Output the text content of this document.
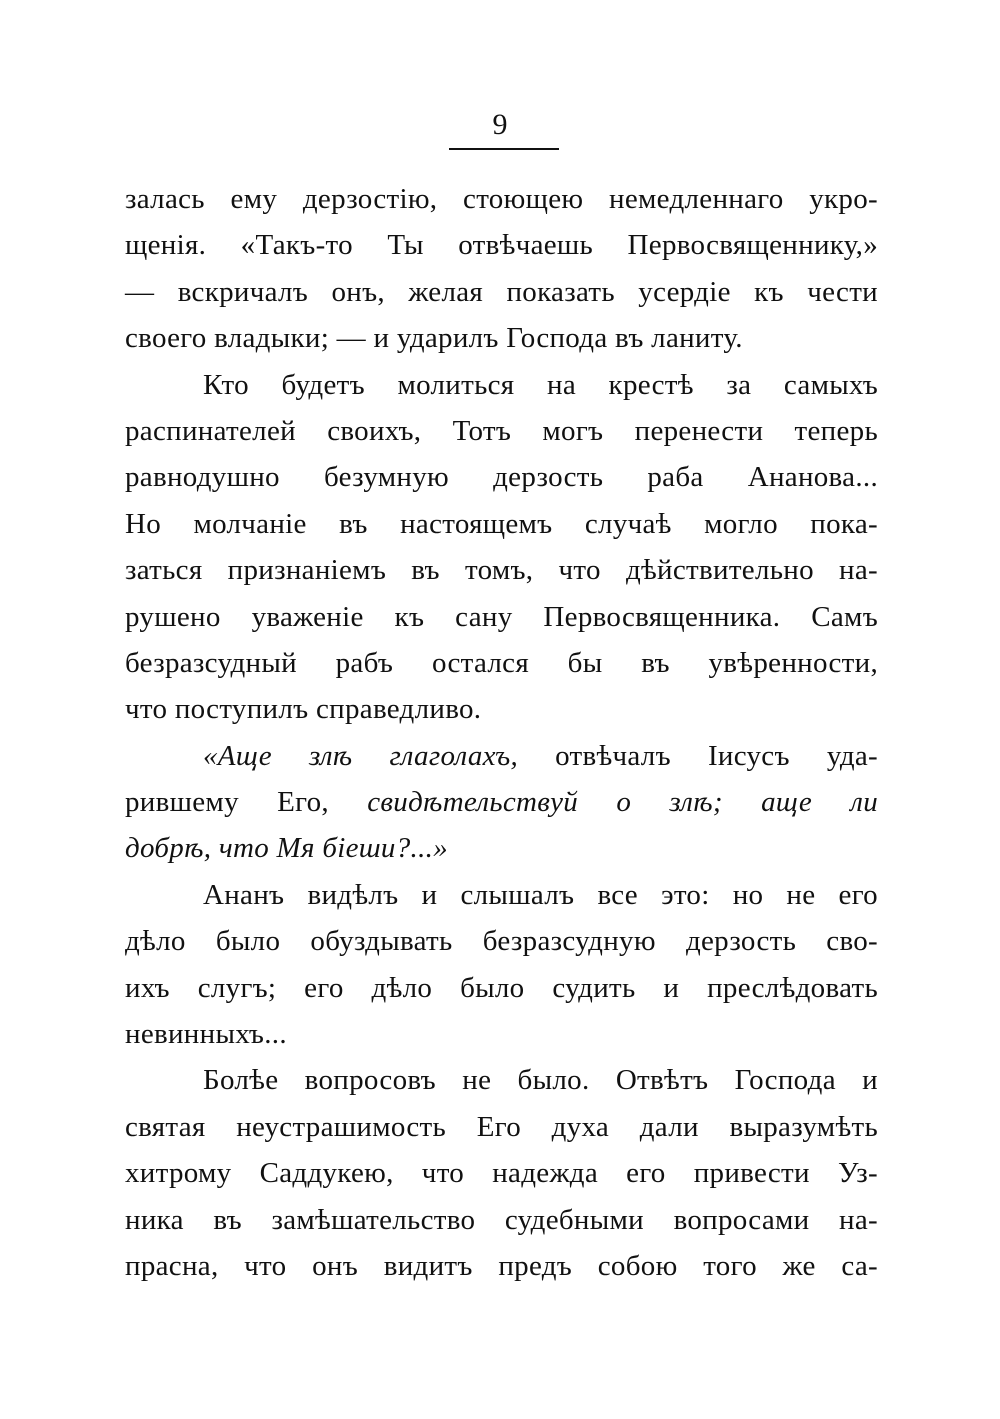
9
залась ему дерзостію, стоющею немедленнаго укро-
щенія. «Такъ-то Ты отвѣчаешь Первосвященнику,»
— вскричалъ онъ, желая показать усердіе къ чести
своего владыки; — и ударилъ Господа въ ланиту.
Кто будетъ молиться на крестѣ за самыхъ
распинателей своихъ, Тотъ могъ перенести теперь
равнодушно безумную дерзость раба Ананова...
Но молчаніе въ настоящемъ случаѣ могло пока-
заться признаніемъ въ томъ, что дѣйствительно на-
рушено уваженіе къ сану Первосвященника. Самъ
безразсудный рабъ остался бы въ увѣренности,
что поступилъ справедливо.
«Аще злѣ глаголахъ, отвѣчалъ Іисусъ уда-
рившему Его, свидѣтельствуй о злѣ; аще ли
добрѣ, что Мя біеши?...»
Ананъ видѣлъ и слышалъ все это: но не его
дѣло было обуздывать безразсудную дерзость сво-
ихъ слугъ; его дѣло было судить и преслѣдовать
невинныхъ...
Болѣе вопросовъ не было. Отвѣтъ Господа и
святая неустрашимость Его духа дали выразумѣть
хитрому Саддукею, что надежда его привести Уз-
ника въ замѣшательство судебными вопросами на-
прасна, что онъ видитъ предъ собою того же са-
